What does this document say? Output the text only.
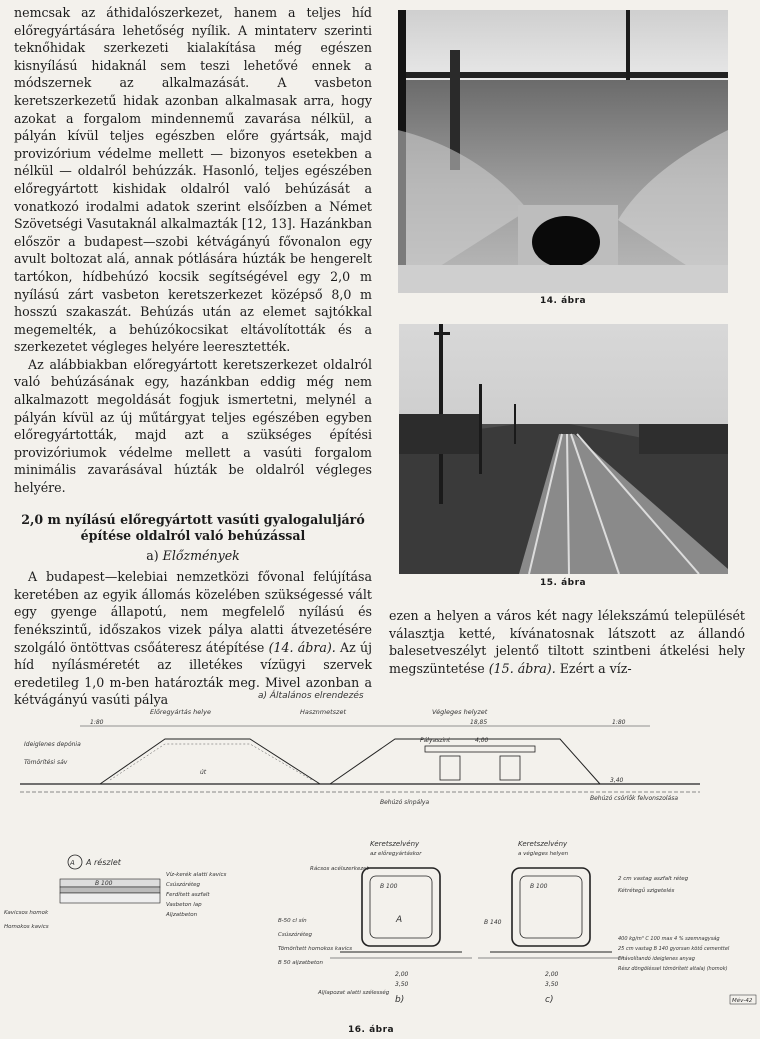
nemcsak az áthidalószerkezet, hanem a teljes híd előregyártására lehetőség nyílik. A mintaterv szerinti teknőhidak szerkezeti kialakítása még egészen kisnyílású hidaknál sem teszi lehetővé ennek a módszernek az alkalmazását. A vasbeton keretszerkezetű hidak azonban alkalmasak arra, hogy azokat a forgalom mindennemű zavarása nélkül, a pályán kívül teljes egészben előre gyártsák, majd provizórium védelme mellett — bizonyos esetekben a nélkül — oldalról behúzzák. Hasonló, teljes egészében előregyártott kishidak oldalról való behúzását a vonatkozó irodalmi adatok szerint elsőízben a Német Szövetségi Vasutaknál alkalmazták [12, 13]. Hazánkban először a budapest—szobi kétvágányú fővonalon egy avult boltozat alá, annak pótlására húzták be hengerelt tartókon, hídbehúzó kocsik segítségével egy 2,0 m nyílású zárt vasbeton keretszerkezet középső 8,0 m hosszú szakaszát. Behúzás után az elemet sajtókkal megemelték, a behúzókocsikat eltávolították és a szerkezetet végleges helyére leeresztették.

Az alábbiakban előregyártott keretszerkezet oldalról való behúzásának egy, hazánkban eddig még nem alkalmazott megoldását fogjuk ismertetni, melynél a pályán kívül az új műtárgyat teljes egészében egyben előregyártották, majd azt a szükséges építési provizóriumok védelme mellett a vasúti forgalom minimális zavarásával húzták be oldalról végleges helyére.

2,0 m nyílású előregyártott vasúti gyalogaluljáró építése oldalról való behúzással
a) Előzmények

A budapest—kelebiai nemzetközi fővonal felújítása keretében az egyik állomás közelében szükségessé vált egy gyenge állapotú, nem megfelelő nyílású és fenékszintű, időszakos vizek pálya alatti átvezetésére szolgáló öntöttvas csőáteresz átépítése (14. ábra). Az új híd nyílásméretét az illetékes vízügyi szervek eredetileg 1,0 m-ben határozták meg. Mivel azonban a kétvágányú vasúti pálya

14. ábra
15. ábra

ezen a helyen a város két nagy lélekszámú települését választja ketté, kívánatosnak látszott az állandó balesetveszélyt jelentő tiltott szintbeni átkelési hely megszüntetése (15. ábra). Ezért a víz-

a) Általános elrendezés
Előregyártás helye	Hasznmetszet	Végleges helyzet
1:80	18,85	1:80
Pályaszint	4,00
3,40
Ideiglenes depónia
Tömörítési sáv
út
Behúzó sínpálya
Behúzó csörlők felvonszolása
A A részlet
B 100
Víz-kerék alatti kavics
Csúszóréteg
Ferdített aszfalt
Vasbeton lap
Aljzatbeton
Kavicsos homok
Homokos kavics
Keretszelvény
az előregyártáskor
B 100
A
2,00
3,50
b)
Rácsos acélszerkezet
B-50 cl sín
Csúszóréteg
Tömörített homokos kavics
B 50 aljzatbeton
Aljlapozat alatti szélesség
Keretszelvény
a végleges helyen
B 100
B 140
2,00
3,50
c)
2 cm vastag aszfalt réteg
Kétrétegű szigetelés
400 kg/m³ C 100 max 4 % szemnagyság
25 cm vastag B 140 gyorsan kötő cementtel
Eltávolítandó ideiglenes anyag
Rész döngöléssel tömörített altalaj (homok)
Mév-42
16. ábra
